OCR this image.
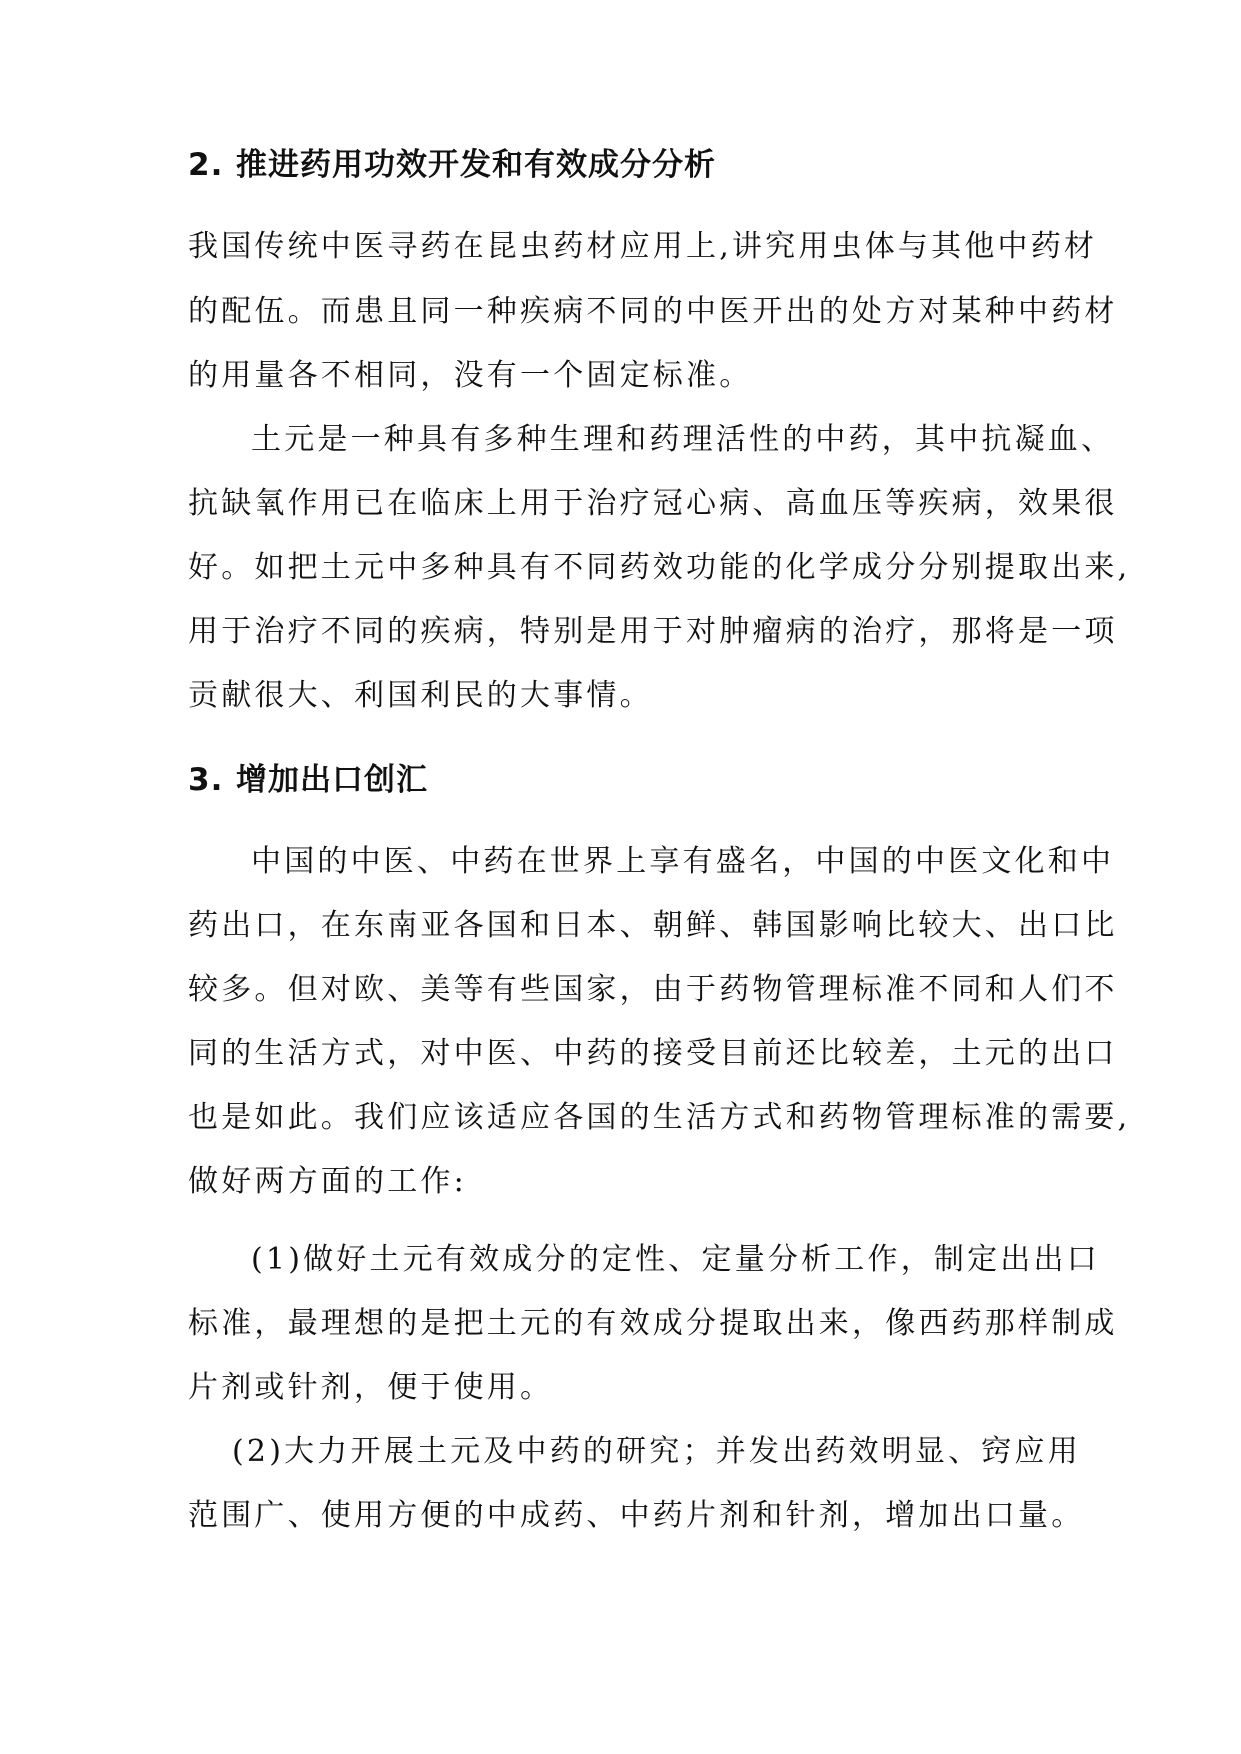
2. 推进药用功效开发和有效成分分析
我国传统中医寻药在昆虫药材应用上,讲究用虫体与其他中药材
的配伍。而患且同一种疾病不同的中医开出的处方对某种中药材
的用量各不相同，没有一个固定标准。
土元是一种具有多种生理和药理活性的中药，其中抗凝血、
抗缺氧作用已在临床上用于治疗冠心病、高血压等疾病，效果很
好。如把土元中多种具有不同药效功能的化学成分分别提取出来,
用于治疗不同的疾病，特别是用于对肿瘤病的治疗，那将是一项
贡献很大、利国利民的大事情。
3. 增加出口创汇
中国的中医、中药在世界上享有盛名，中国的中医文化和中
药出口，在东南亚各国和日本、朝鲜、韩国影响比较大、出口比
较多。但对欧、美等有些国家，由于药物管理标准不同和人们不
同的生活方式，对中医、中药的接受目前还比较差，土元的出口
也是如此。我们应该适应各国的生活方式和药物管理标准的需要,
做好两方面的工作:
(1)做好土元有效成分的定性、定量分析工作，制定出出口
标准，最理想的是把土元的有效成分提取出来，像西药那样制成
片剂或针剂，便于使用。
(2)大力开展土元及中药的研究；并发出药效明显、窍应用
范围广、使用方便的中成药、中药片剂和针剂，增加出口量。
